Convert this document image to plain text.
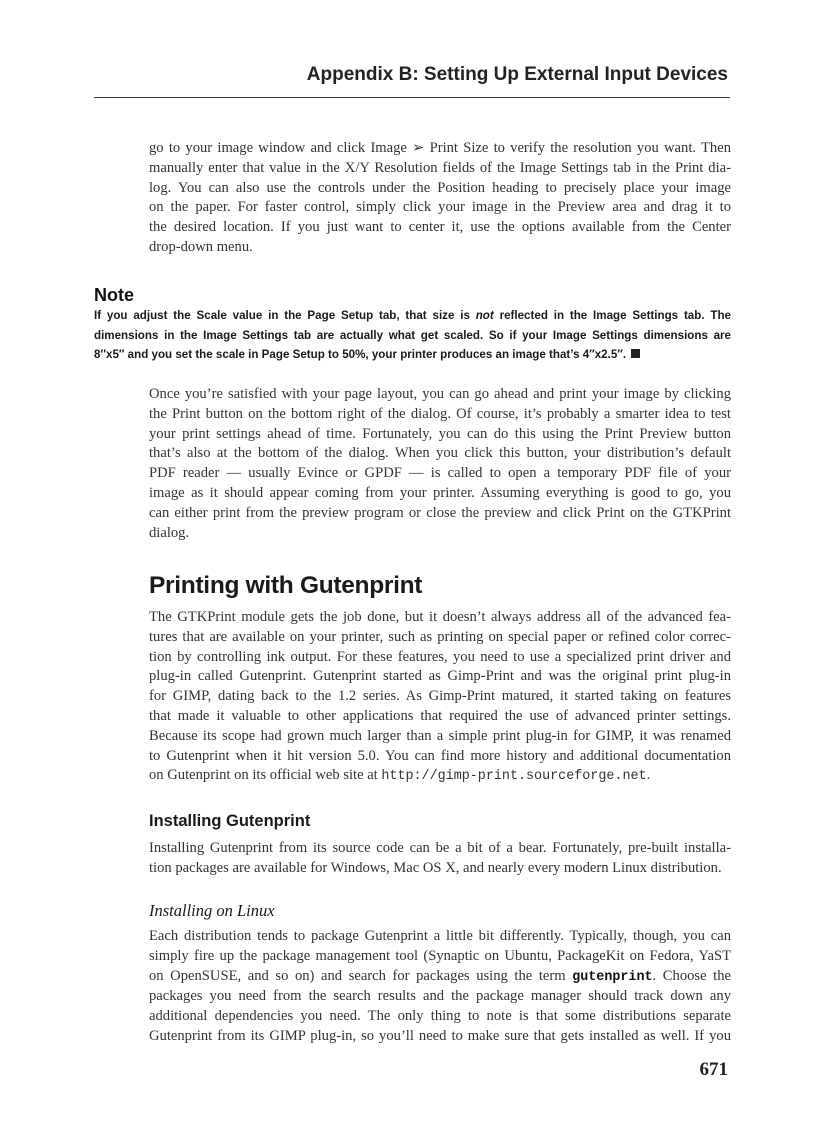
Appendix B: Setting Up External Input Devices
go to your image window and click Image ➢ Print Size to verify the resolution you want. Then
manually enter that value in the X/Y Resolution fields of the Image Settings tab in the Print dia-
log. You can also use the controls under the Position heading to precisely place your image
on the paper. For faster control, simply click your image in the Preview area and drag it to
the desired location. If you just want to center it, use the options available from the Center
drop-down menu.
Note
If you adjust the Scale value in the Page Setup tab, that size is not reflected in the Image Settings tab. The
dimensions in the Image Settings tab are actually what get scaled. So if your Image Settings dimensions are
8″x5″ and you set the scale in Page Setup to 50%, your printer produces an image that’s 4″x2.5″.
Once you’re satisfied with your page layout, you can go ahead and print your image by clicking
the Print button on the bottom right of the dialog. Of course, it’s probably a smarter idea to test
your print settings ahead of time. Fortunately, you can do this using the Print Preview button
that’s also at the bottom of the dialog. When you click this button, your distribution’s default
PDF reader — usually Evince or GPDF — is called to open a temporary PDF file of your
image as it should appear coming from your printer. Assuming everything is good to go, you
can either print from the preview program or close the preview and click Print on the GTKPrint
dialog.
Printing with Gutenprint
The GTKPrint module gets the job done, but it doesn’t always address all of the advanced fea-
tures that are available on your printer, such as printing on special paper or refined color correc-
tion by controlling ink output. For these features, you need to use a specialized print driver and
plug-in called Gutenprint. Gutenprint started as Gimp-Print and was the original print plug-in
for GIMP, dating back to the 1.2 series. As Gimp-Print matured, it started taking on features
that made it valuable to other applications that required the use of advanced printer settings.
Because its scope had grown much larger than a simple print plug-in for GIMP, it was renamed
to Gutenprint when it hit version 5.0. You can find more history and additional documentation
on Gutenprint on its official web site at http://gimp-print.sourceforge.net.
Installing Gutenprint
Installing Gutenprint from its source code can be a bit of a bear. Fortunately, pre-built installa-
tion packages are available for Windows, Mac OS X, and nearly every modern Linux distribution.
Installing on Linux
Each distribution tends to package Gutenprint a little bit differently. Typically, though, you can
simply fire up the package management tool (Synaptic on Ubuntu, PackageKit on Fedora, YaST
on OpenSUSE, and so on) and search for packages using the term gutenprint. Choose the
packages you need from the search results and the package manager should track down any
additional dependencies you need. The only thing to note is that some distributions separate
Gutenprint from its GIMP plug-in, so you’ll need to make sure that gets installed as well. If you
671
